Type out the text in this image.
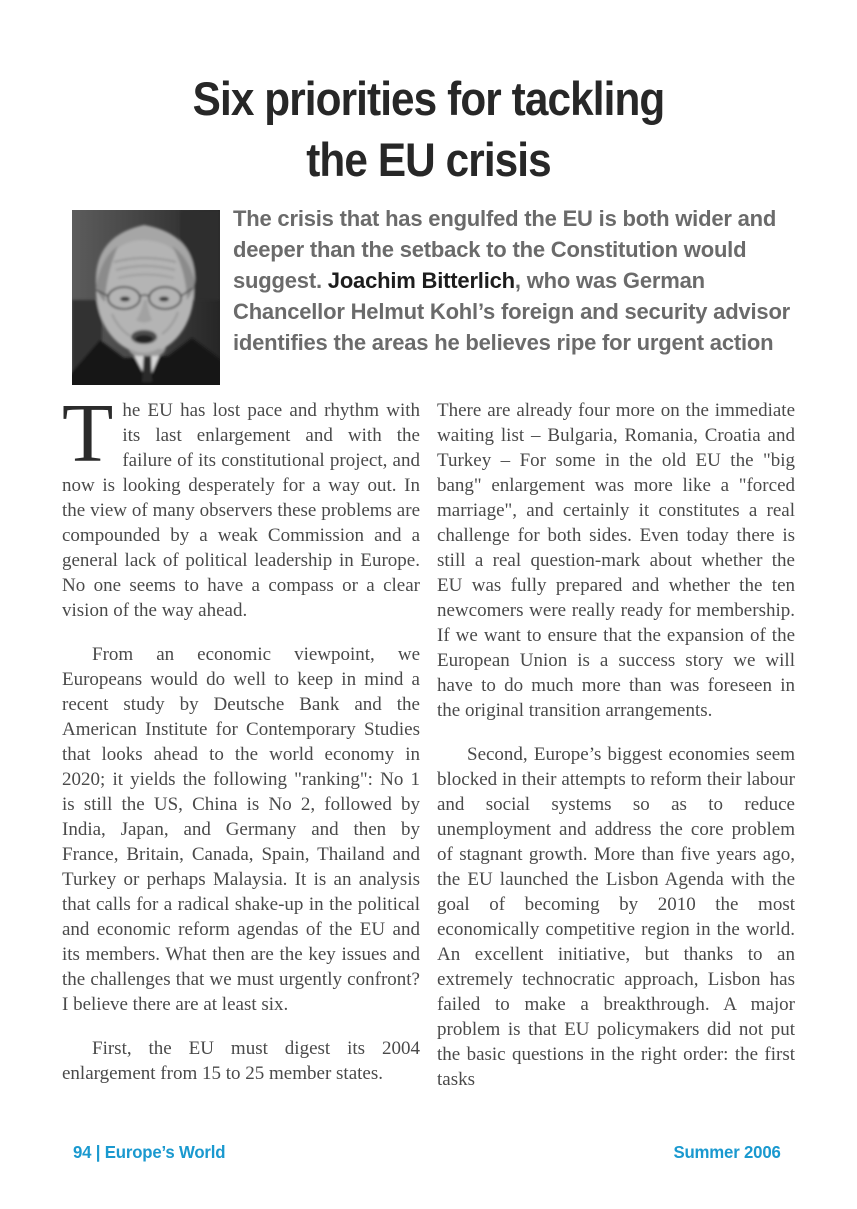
Six priorities for tackling
the EU crisis
The crisis that has engulfed the EU is both wider and deeper than the setback to the Constitution would suggest. Joachim Bitterlich, who was German Chancellor Helmut Kohl’s foreign and security advisor identifies the areas he believes ripe for urgent action

The EU has lost pace and rhythm with its last enlargement and with the failure of its constitutional project, and now is looking desperately for a way out. In the view of many observers these problems are compounded by a weak Commission and a general lack of political leadership in Europe. No one seems to have a compass or a clear vision of the way ahead.

From an economic viewpoint, we Europeans would do well to keep in mind a recent study by Deutsche Bank and the American Institute for Contemporary Studies that looks ahead to the world economy in 2020; it yields the following "ranking": No 1 is still the US, China is No 2, followed by India, Japan, and Germany and then by France, Britain, Canada, Spain, Thailand and Turkey or perhaps Malaysia. It is an analysis that calls for a radical shake-up in the political and economic reform agendas of the EU and its members. What then are the key issues and the challenges that we must urgently confront? I believe there are at least six.

First, the EU must digest its 2004 enlargement from 15 to 25 member states.

There are already four more on the immediate waiting list – Bulgaria, Romania, Croatia and Turkey – For some in the old EU the "big bang" enlargement was more like a "forced marriage", and certainly it constitutes a real challenge for both sides. Even today there is still a real question-mark about whether the EU was fully prepared and whether the ten newcomers were really ready for membership. If we want to ensure that the expansion of the European Union is a success story we will have to do much more than was foreseen in the original transition arrangements.

Second, Europe’s biggest economies seem blocked in their attempts to reform their labour and social systems so as to reduce unemployment and address the core problem of stagnant growth. More than five years ago, the EU launched the Lisbon Agenda with the goal of becoming by 2010 the most economically competitive region in the world. An excellent initiative, but thanks to an extremely technocratic approach, Lisbon has failed to make a breakthrough. A major problem is that EU policymakers did not put the basic questions in the right order: the first tasks

94 | Europe’s World	Summer 2006
